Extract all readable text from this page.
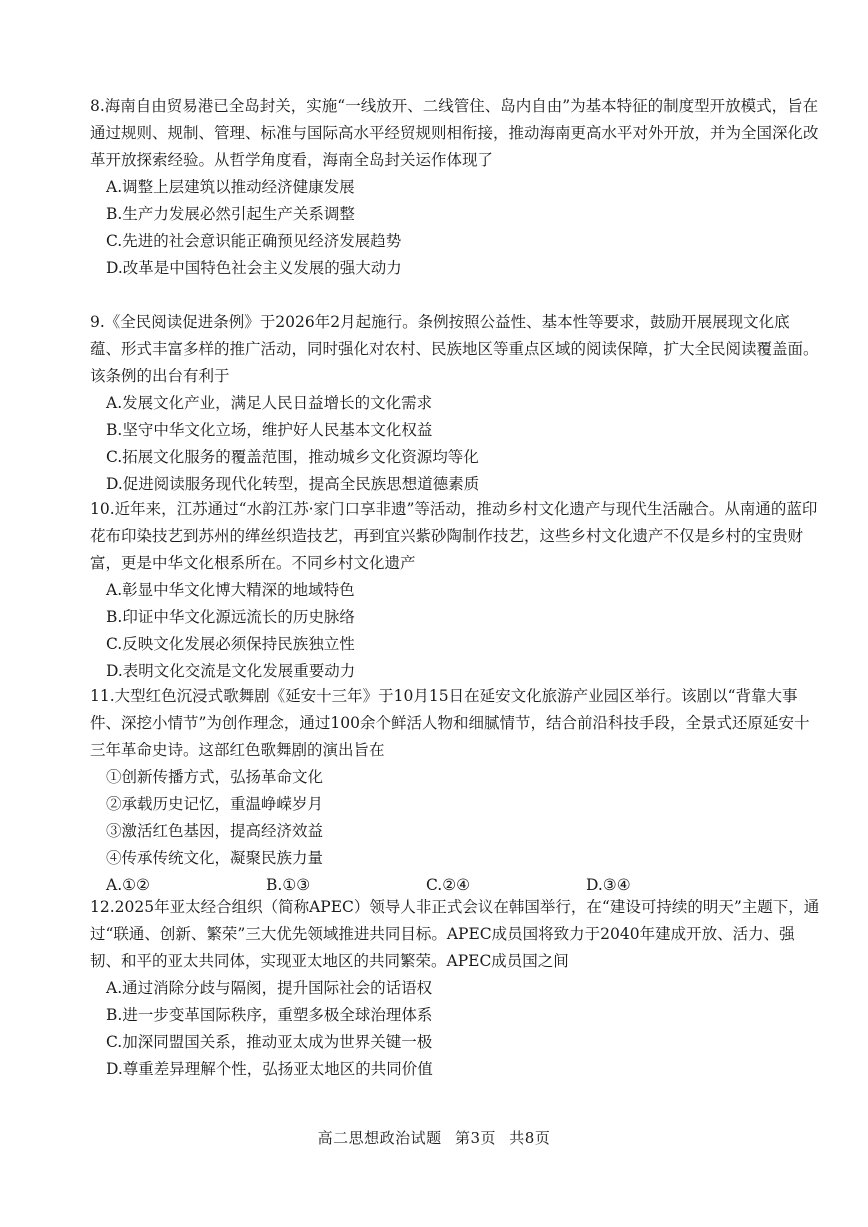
8.海南自由贸易港已全岛封关，实施“一线放开、二线管住、岛内自由”为基本特征的制度型开放模式，旨在通过规则、规制、管理、标准与国际高水平经贸规则相衔接，推动海南更高水平对外开放，并为全国深化改革开放探索经验。从哲学角度看，海南全岛封关运作体现了

A.调整上层建筑以推动经济健康发展

B.生产力发展必然引起生产关系调整

C.先进的社会意识能正确预见经济发展趋势

D.改革是中国特色社会主义发展的强大动力

9.《全民阅读促进条例》于2026年2月起施行。条例按照公益性、基本性等要求，鼓励开展展现文化底蕴、形式丰富多样的推广活动，同时强化对农村、民族地区等重点区域的阅读保障，扩大全民阅读覆盖面。该条例的出台有利于

A.发展文化产业，满足人民日益增长的文化需求

B.坚守中华文化立场，维护好人民基本文化权益

C.拓展文化服务的覆盖范围，推动城乡文化资源均等化

D.促进阅读服务现代化转型，提高全民族思想道德素质

10.近年来，江苏通过“水韵江苏·家门口享非遗”等活动，推动乡村文化遗产与现代生活融合。从南通的蓝印花布印染技艺到苏州的缂丝织造技艺，再到宜兴紫砂陶制作技艺，这些乡村文化遗产不仅是乡村的宝贵财富，更是中华文化根系所在。不同乡村文化遗产

A.彰显中华文化博大精深的地域特色

B.印证中华文化源远流长的历史脉络

C.反映文化发展必须保持民族独立性

D.表明文化交流是文化发展重要动力

11.大型红色沉浸式歌舞剧《延安十三年》于10月15日在延安文化旅游产业园区举行。该剧以“背靠大事件、深挖小情节”为创作理念，通过100余个鲜活人物和细腻情节，结合前沿科技手段，全景式还原延安十三年革命史诗。这部红色歌舞剧的演出旨在

①创新传播方式，弘扬革命文化

②承载历史记忆，重温峥嵘岁月

③激活红色基因，提高经济效益

④传承传统文化，凝聚民族力量

A.①②	B.①③	C.②④	D.③④

12.2025年亚太经合组织（简称APEC）领导人非正式会议在韩国举行，在“建设可持续的明天”主题下，通过“联通、创新、繁荣”三大优先领域推进共同目标。APEC成员国将致力于2040年建成开放、活力、强韧、和平的亚太共同体，实现亚太地区的共同繁荣。APEC成员国之间

A.通过消除分歧与隔阂，提升国际社会的话语权

B.进一步变革国际秩序，重塑多极全球治理体系

C.加深同盟国关系，推动亚太成为世界关键一极

D.尊重差异理解个性，弘扬亚太地区的共同价值

高二思想政治试题 第3页 共8页
